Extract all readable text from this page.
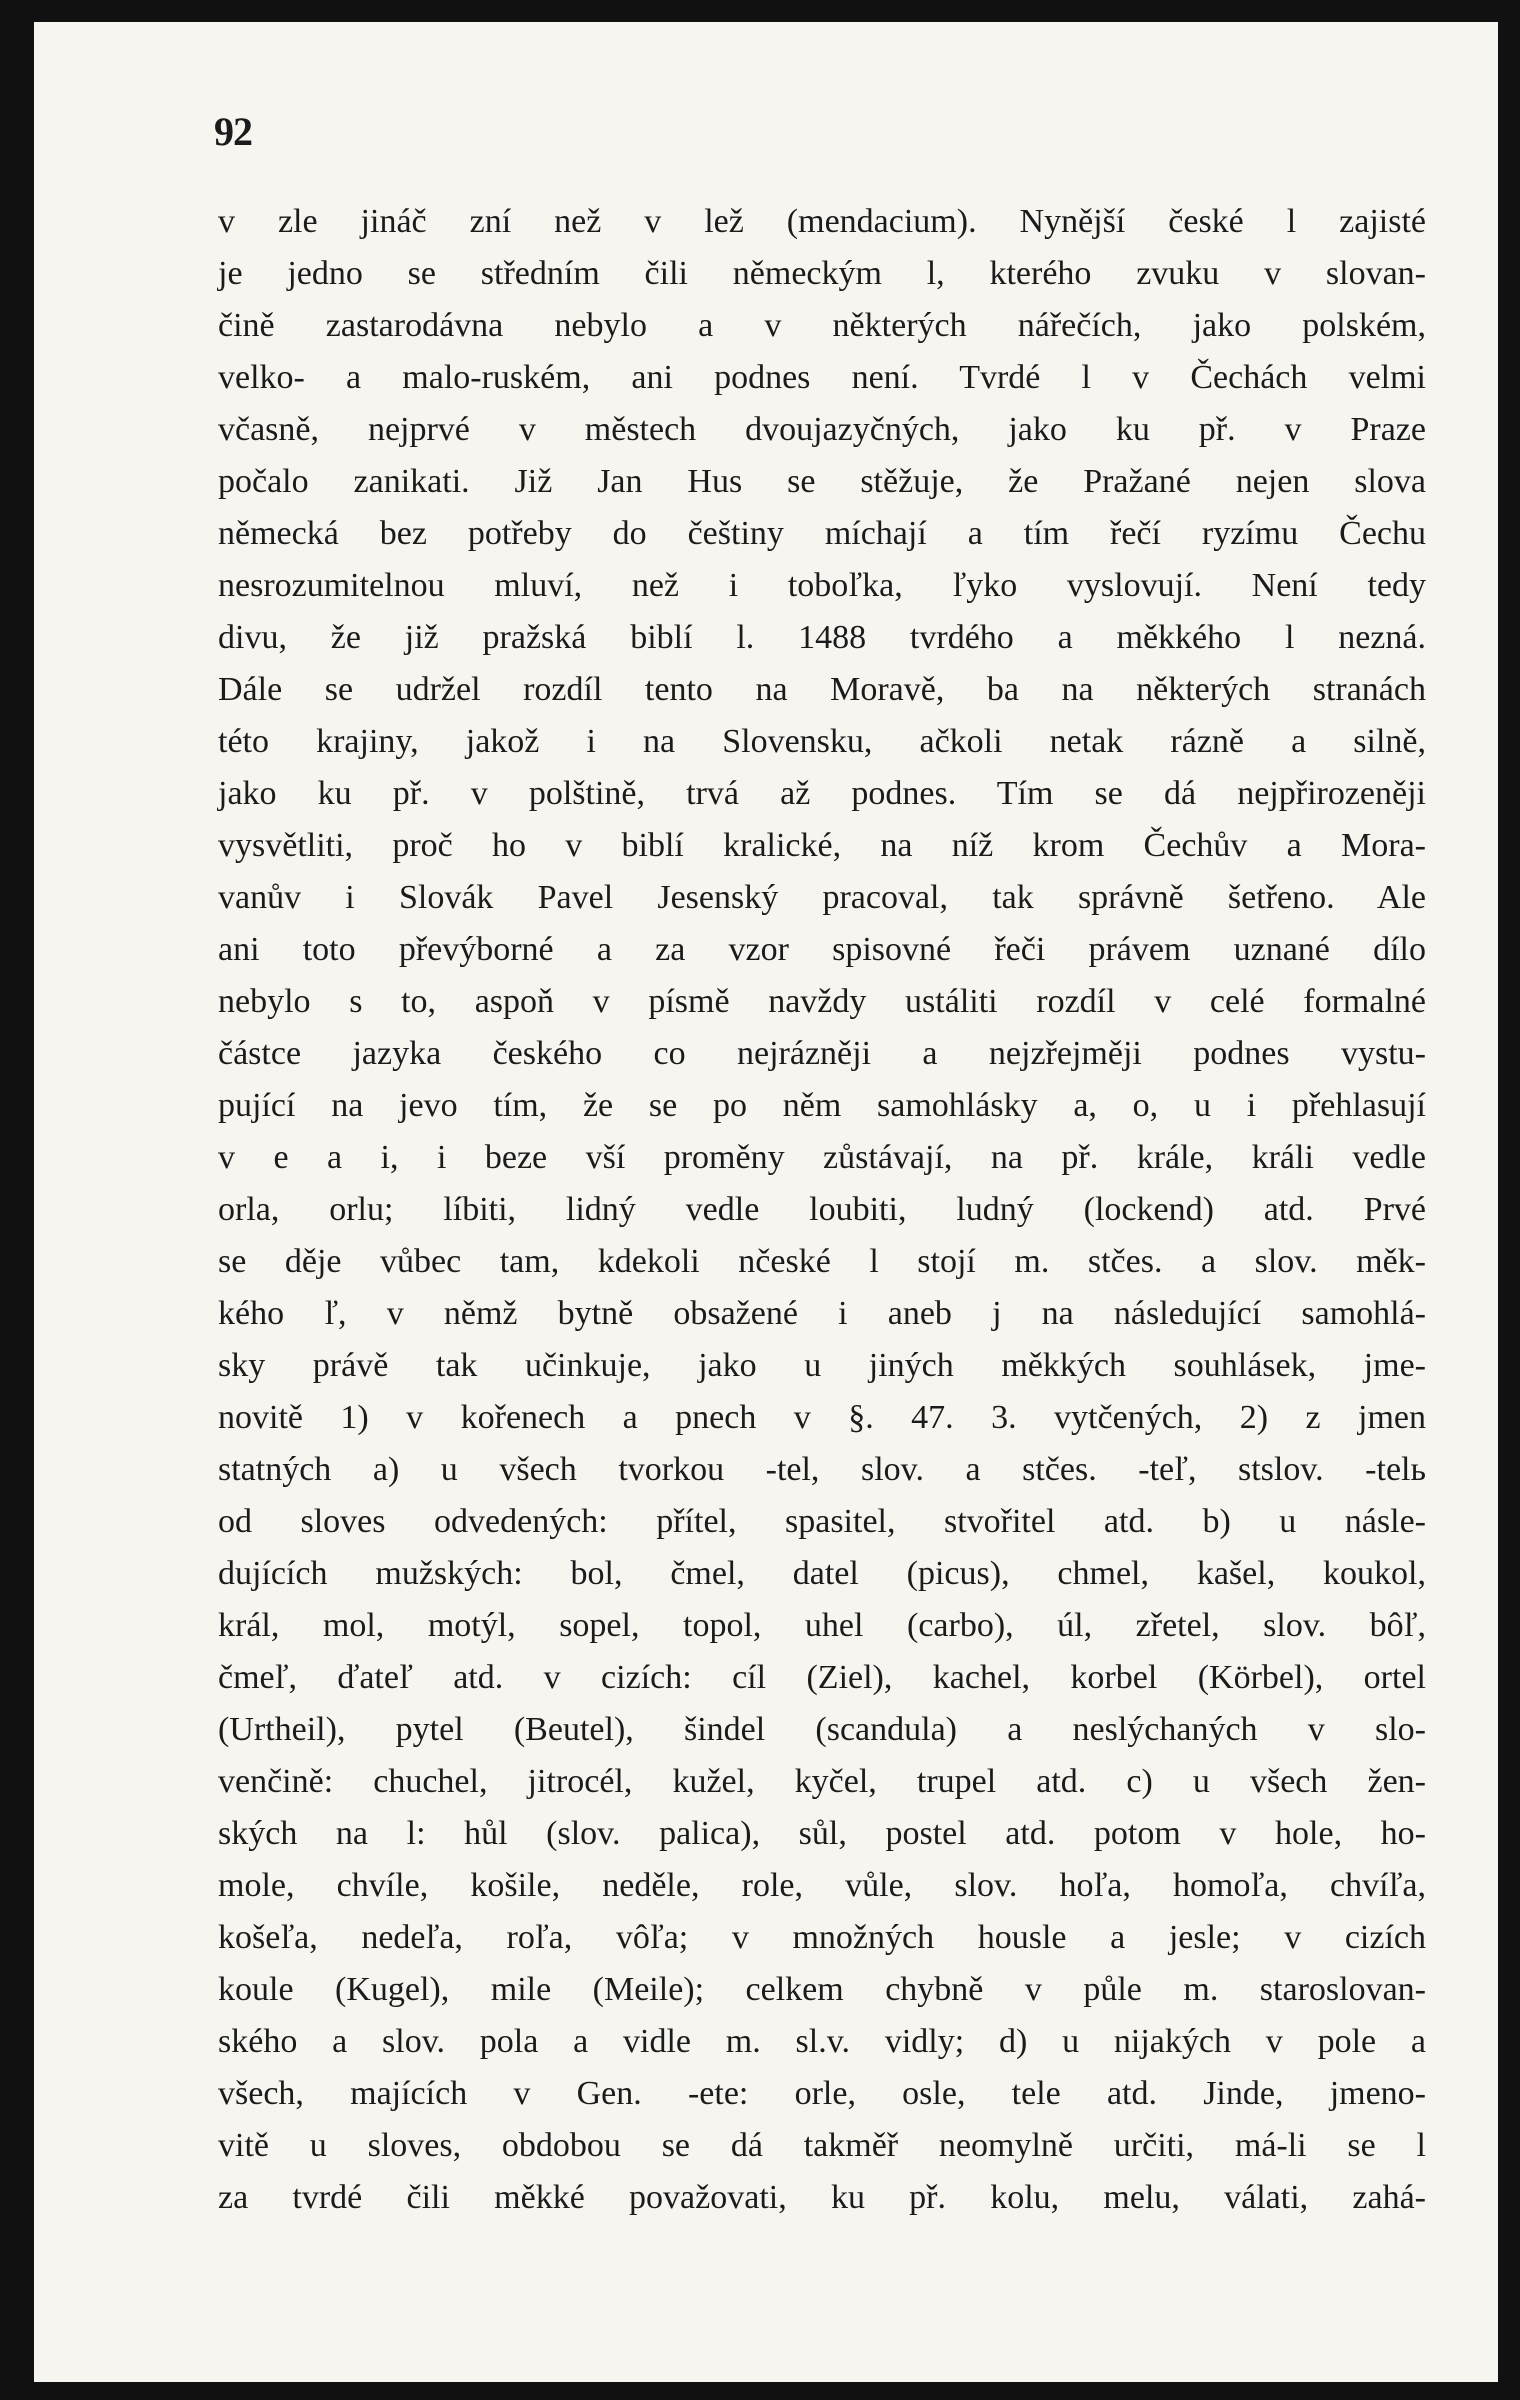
92
v zle jináč zní než v lež (mendacium). Nynější české l zajisté
je jedno se středním čili německým l, kterého zvuku v slovan-
čině zastarodávna nebylo a v některých nářečích, jako polském,
velko- a malo-ruském, ani podnes není. Tvrdé l v Čechách velmi
včasně, nejprvé v městech dvoujazyčných, jako ku př. v Praze
počalo zanikati. Již Jan Hus se stěžuje, že Pražané nejen slova
německá bez potřeby do češtiny míchají a tím řečí ryzímu Čechu
nesrozumitelnou mluví, než i toboľka, ľyko vyslovují. Není tedy
divu, že již pražská biblí l. 1488 tvrdého a měkkého l nezná.
Dále se udržel rozdíl tento na Moravě, ba na některých stranách
této krajiny, jakož i na Slovensku, ačkoli netak rázně a silně,
jako ku př. v polštině, trvá až podnes. Tím se dá nejpřirozeněji
vysvětliti, proč ho v biblí kralické, na níž krom Čechův a Mora-
vanův i Slovák Pavel Jesenský pracoval, tak správně šetřeno. Ale
ani toto převýborné a za vzor spisovné řeči právem uznané dílo
nebylo s to, aspoň v písmě navždy ustáliti rozdíl v celé formalné
částce jazyka českého co nejrázněji a nejzřejměji podnes vystu-
pující na jevo tím, že se po něm samohlásky a, o, u i přehlasují
v e a i, i beze vší proměny zůstávají, na př. krále, králi vedle
orla, orlu; líbiti, lidný vedle loubiti, ludný (lockend) atd. Prvé
se děje vůbec tam, kdekoli nčeské l stojí m. stčes. a slov. měk-
kého ľ, v němž bytně obsažené i aneb j na následující samohlá-
sky právě tak učinkuje, jako u jiných měkkých souhlásek, jme-
novitě 1) v kořenech a pnech v §. 47. 3. vytčených, 2) z jmen
statných a) u všech tvorkou -tel, slov. a stčes. -teľ, stslov. -telь
od sloves odvedených: přítel, spasitel, stvořitel atd. b) u násle-
dujících mužských: bol, čmel, datel (picus), chmel, kašel, koukol,
král, mol, motýl, sopel, topol, uhel (carbo), úl, zřetel, slov. bôľ,
čmeľ, ďateľ atd. v cizích: cíl (Ziel), kachel, korbel (Körbel), ortel
(Urtheil), pytel (Beutel), šindel (scandula) a neslýchaných v slo-
venčině: chuchel, jitrocél, kužel, kyčel, trupel atd. c) u všech žen-
ských na l: hůl (slov. palica), sůl, postel atd. potom v hole, ho-
mole, chvíle, košile, neděle, role, vůle, slov. hoľa, homoľa, chvíľa,
košeľa, nedeľa, roľa, vôľa; v množných housle a jesle; v cizích
koule (Kugel), mile (Meile); celkem chybně v půle m. staroslovan-
ského a slov. pola a vidle m. sl.v. vidly; d) u nijakých v pole a
všech, majících v Gen. -ete: orle, osle, tele atd. Jinde, jmeno-
vitě u sloves, obdobou se dá takměř neomylně určiti, má-li se l
za tvrdé čili měkké považovati, ku př. kolu, melu, válati, zahá-
